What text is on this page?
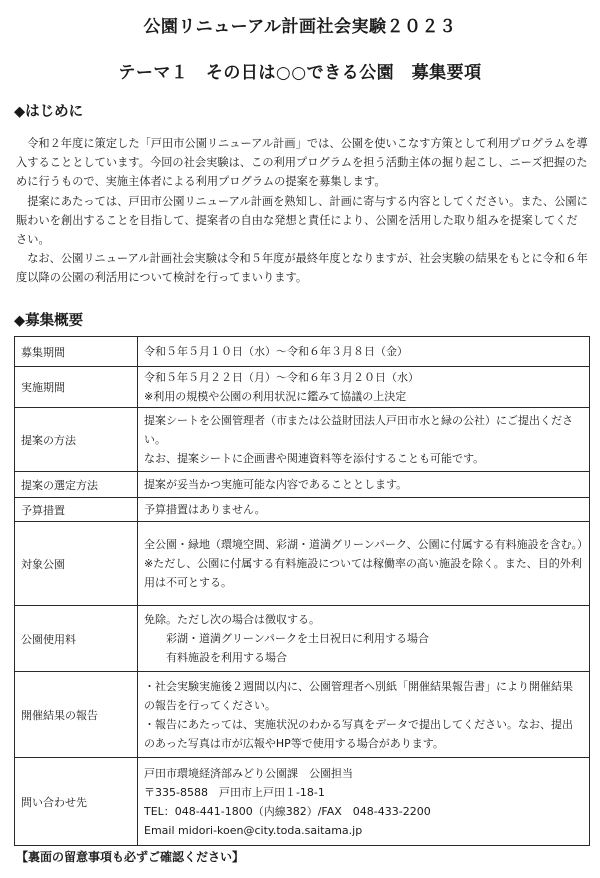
公園リニューアル計画社会実験２０２３
テーマ１　その日は○○できる公園　募集要項
◆はじめに

令和２年度に策定した「戸田市公園リニューアル計画」では、公園を使いこなす方策として利用プログラムを導入することとしています。今回の社会実験は、この利用プログラムを担う活動主体の掘り起こし、ニーズ把握のために行うもので、実施主体者による利用プログラムの提案を募集します。

提案にあたっては、戸田市公園リニューアル計画を熟知し、計画に寄与する内容としてください。また、公園に賑わいを創出することを目指して、提案者の自由な発想と責任により、公園を活用した取り組みを提案してください。

なお、公園リニューアル計画社会実験は令和５年度が最終年度となりますが、社会実験の結果をもとに令和６年度以降の公園の利活用について検討を行ってまいります。

◆募集概要
募集期間	令和５年５月１０日（水）～令和６年３月８日（金）

実施期間	令和５年５月２２日（月）～令和６年３月２０日（水）
※利用の規模や公園の利用状況に鑑みて協議の上決定

提案の方法	提案シートを公園管理者（市または公益財団法人戸田市水と緑の公社）にご提出ください。
なお、提案シートに企画書や関連資料等を添付することも可能です。

提案の選定方法	提案が妥当かつ実施可能な内容であることとします。

予算措置	予算措置はありません。

対象公園	全公園・緑地（環境空間、彩湖・道満グリーンパーク、公園に付属する有料施設を含む。）
※ただし、公園に付属する有料施設については稼働率の高い施設を除く。また、目的外利用は不可とする。

公園使用料	免除。ただし次の場合は徴収する。
　彩湖・道満グリーンパークを土日祝日に利用する場合
　有料施設を利用する場合

開催結果の報告	・社会実験実施後２週間以内に、公園管理者へ別紙「開催結果報告書」により開催結果の報告を行ってください。
・報告にあたっては、実施状況のわかる写真をデータで提出してください。なお、提出のあった写真は市が広報やHP等で使用する場合があります。

問い合わせ先	戸田市環境経済部みどり公園課　公園担当
〒335-8588　戸田市上戸田１-18-1
TEL：048-441-1800（内線382）/FAX　048-433-2200
Email midori-koen@city.toda.saitama.jp
【裏面の留意事項も必ずご確認ください】
